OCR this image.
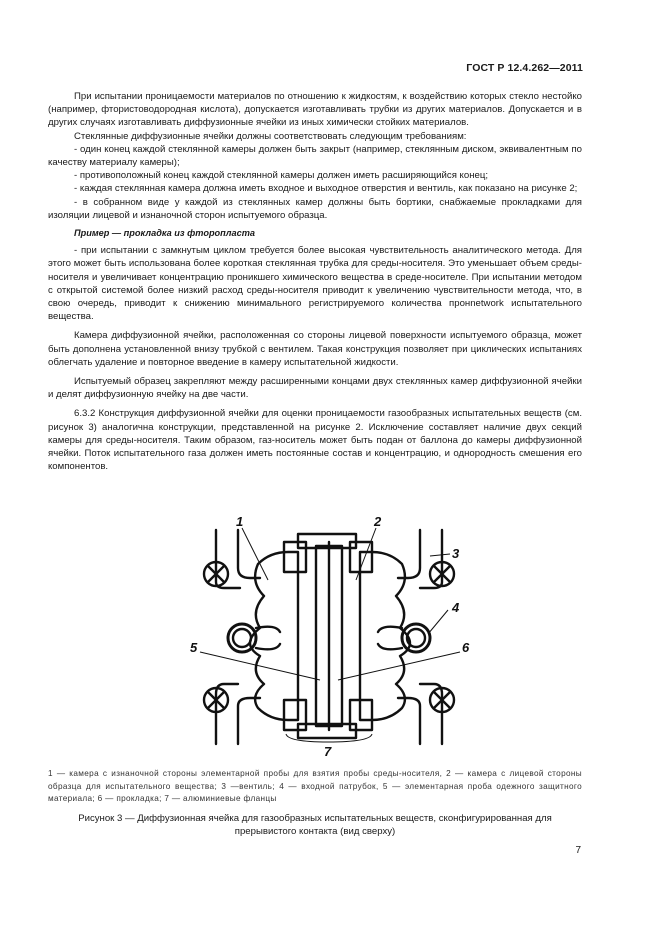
ГОСТ Р 12.4.262—2011

При испытании проницаемости материалов по отношению к жидкостям, к воздействию которых стекло нестойко (например, фтористоводородная кислота), допускается изготавливать трубки из других материалов. Допускается и в других случаях изготавливать диффузионные ячейки из иных химически стойких материалов.

Стеклянные диффузионные ячейки должны соответствовать следующим требованиям:

- один конец каждой стеклянной камеры должен быть закрыт (например, стеклянным диском, эквивалентным по качеству материалу камеры);

- противоположный конец каждой стеклянной камеры должен иметь расширяющийся конец;

- каждая стеклянная камера должна иметь входное и выходное отверстия и вентиль, как показано на рисунке 2;

- в собранном виде у каждой из стеклянных камер должны быть бортики, снабжаемые прокладками для изоляции лицевой и изнаночной сторон испытуемого образца.

Пример — прокладка из фторопласта

- при испытании с замкнутым циклом требуется более высокая чувствительность аналитического метода. Для этого может быть использована более короткая стеклянная трубка для среды-носителя. Это уменьшает объем среды-носителя и увеличивает концентрацию проникшего химического вещества в среде-носителе. При испытании методом с открытой системой более низкий расход среды-носителя приводит к увеличению чувствительности метода, что, в свою очередь, приводит к снижению минимального регистрируемого количества пронnetwork испытательного вещества.

Камера диффузионной ячейки, расположенная со стороны лицевой поверхности испытуемого образца, может быть дополнена установленной внизу трубкой с вентилем. Такая конструкция позволяет при циклических испытаниях облегчать удаление и повторное введение в камеру испытательной жидкости.

Испытуемый образец закрепляют между расширенными концами двух стеклянных камер диффузионной ячейки и делят диффузионную ячейку на две части.

6.3.2 Конструкция диффузионной ячейки для оценки проницаемости газообразных испытательных веществ (см. рисунок 3) аналогична конструкции, представленной на рисунке 2. Исключение составляет наличие двух секций камеры для среды-носителя. Таким образом, газ-носитель может быть подан от баллона до камеры диффузионной ячейки. Поток испытательного газа должен иметь постоянные состав и концентрацию, и однородность смешения его компонентов.

1	2
3
4
5	6
7

1 — камера с изнаночной стороны элементарной пробы для взятия пробы среды-носителя, 2 — камера с лицевой стороны образца для испытательного вещества; 3 —вентиль; 4 — входной патрубок, 5 — элементарная проба одежного защитного материала; 6 — прокладка; 7 — алюминиевые фланцы

Рисунок 3 — Диффузионная ячейка для газообразных испытательных веществ, сконфигурированная для прерывистого контакта (вид сверху)

7
